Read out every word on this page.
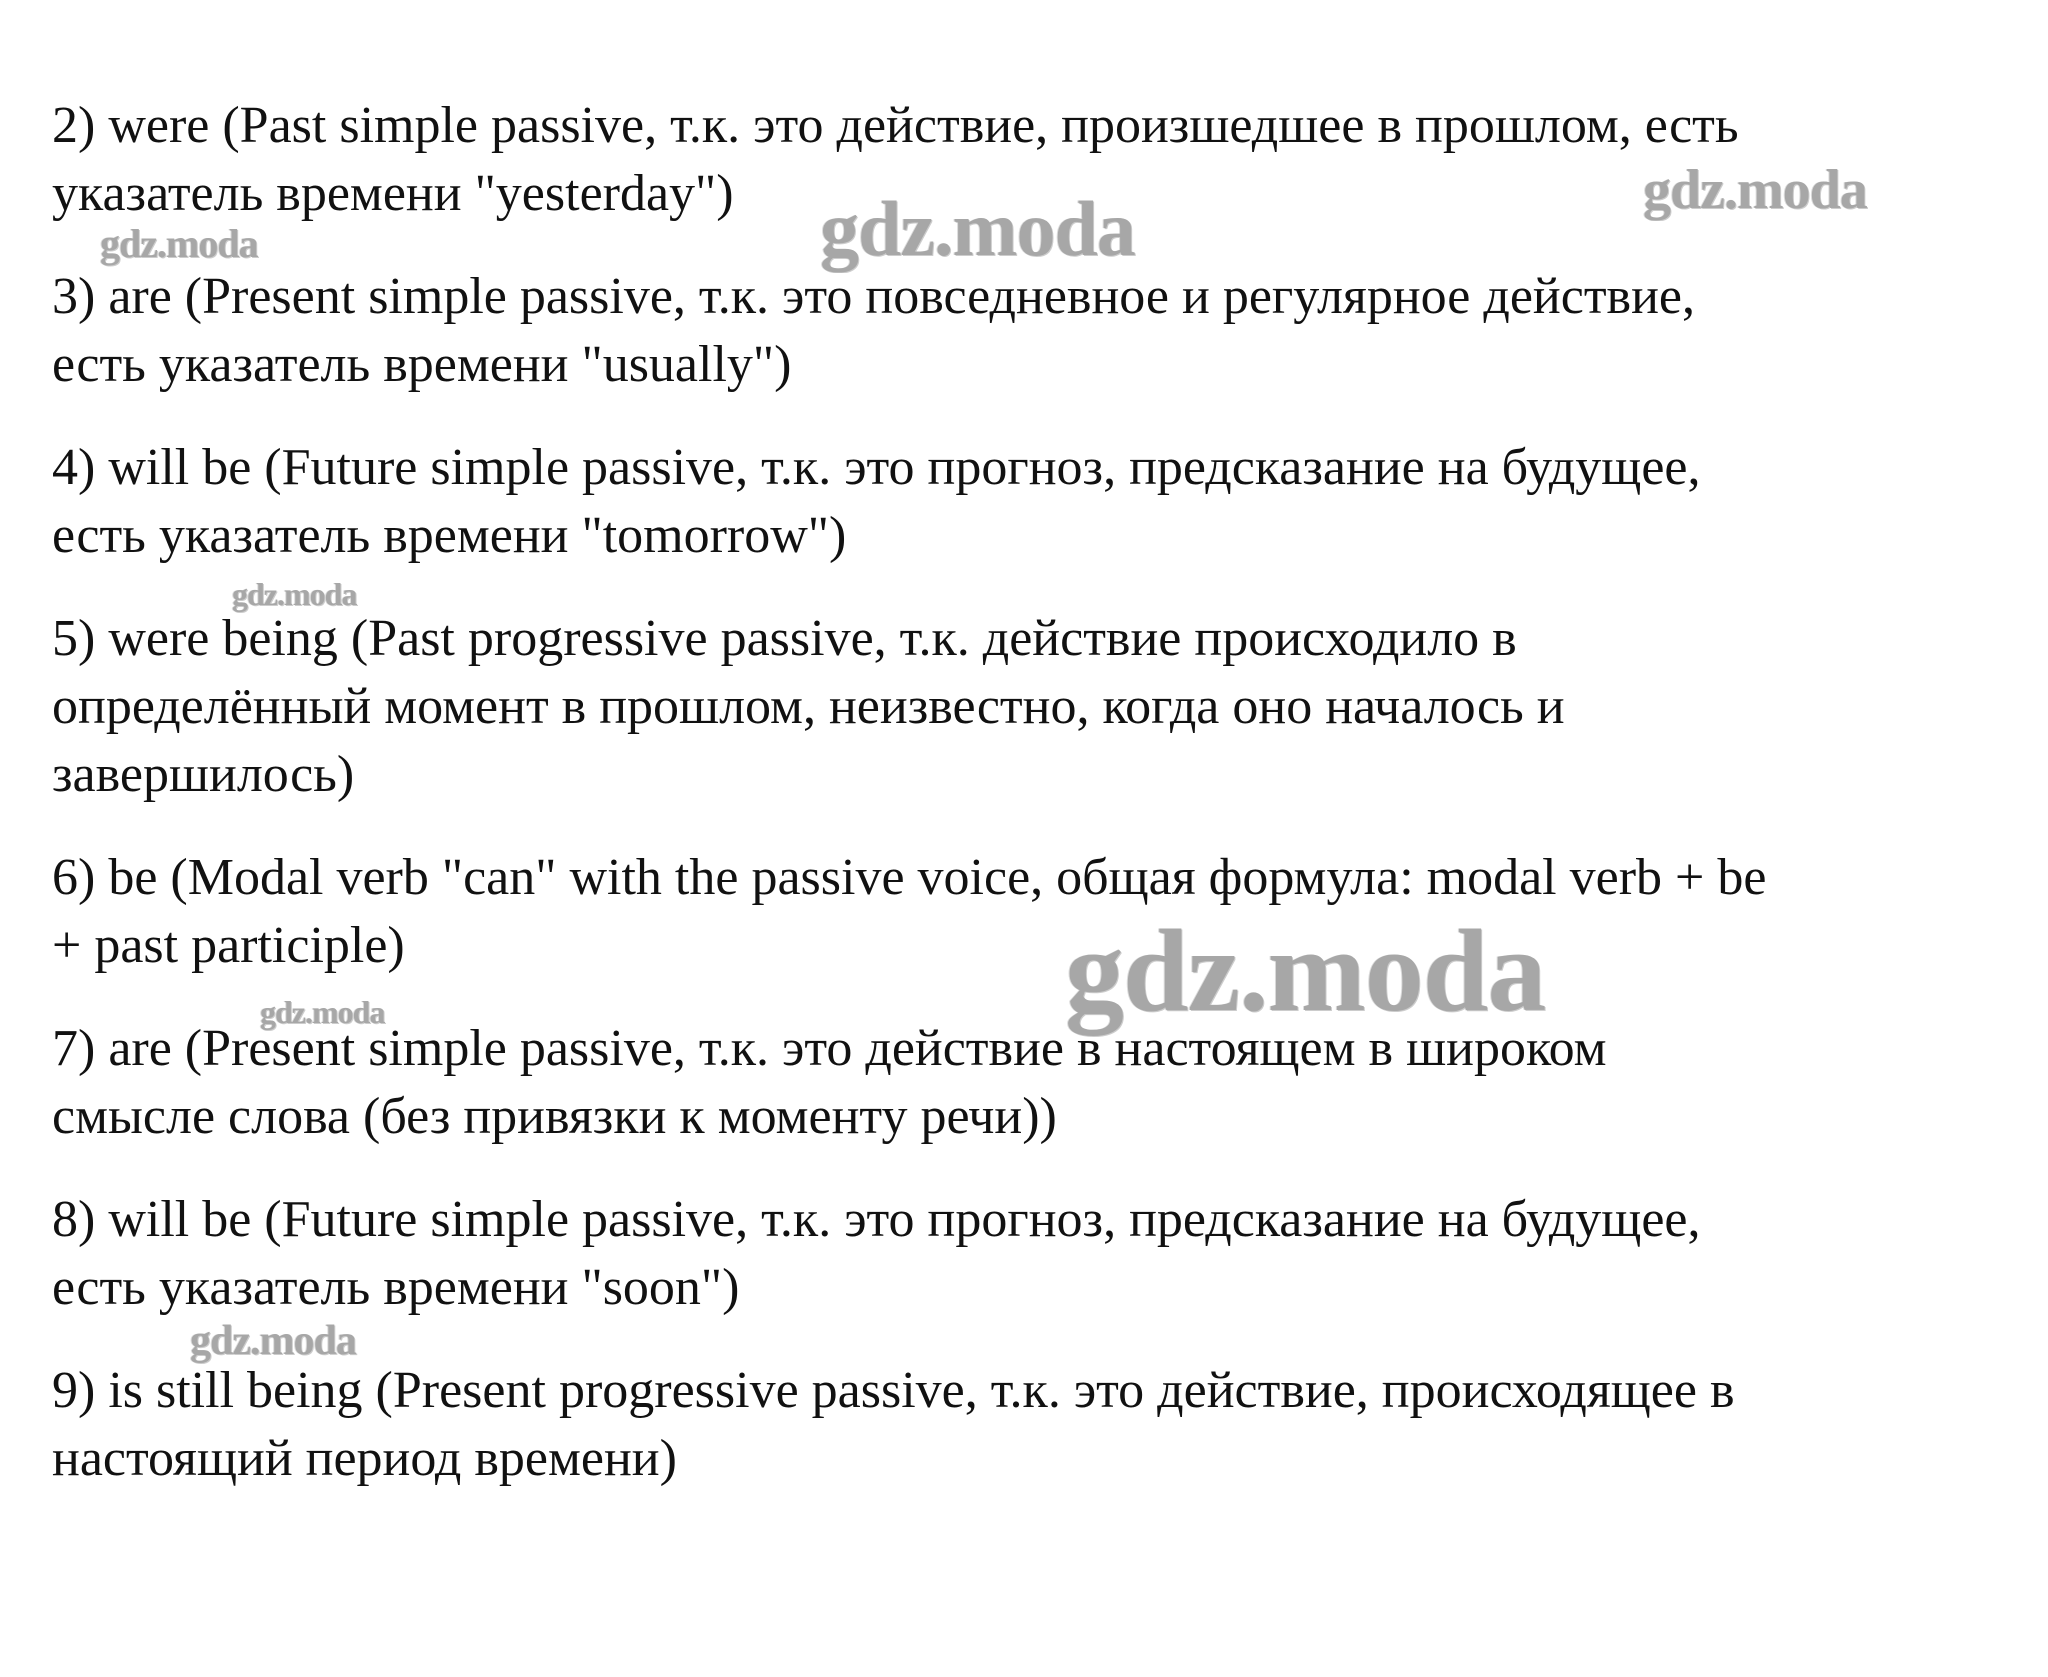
2) were (Past simple passive, т.к. это действие, произшедшее в прошлом, есть
указатель времени "yesterday")
3) are (Present simple passive, т.к. это повседневное и регулярное действие,
есть указатель времени "usually")
4) will be (Future simple passive, т.к. это прогноз, предсказание на будущее,
есть указатель времени "tomorrow")
5) were being (Past progressive passive, т.к. действие происходило в
определённый момент в прошлом, неизвестно, когда оно началось и
завершилось)
6) be (Modal verb "can" with the passive voice, общая формула: modal verb + be
+ past participle)
7) are (Present simple passive, т.к. это действие в настоящем в широком
смысле слова (без привязки к моменту речи))
8) will be (Future simple passive, т.к. это прогноз, предсказание на будущее,
есть указатель времени "soon")
9) is still being (Present progressive passive, т.к. это действие, происходящее в
настоящий период времени)
gdz.moda	gdz.moda
gdz.moda
gdz.moda
gdz.moda
gdz.moda
gdz.moda
